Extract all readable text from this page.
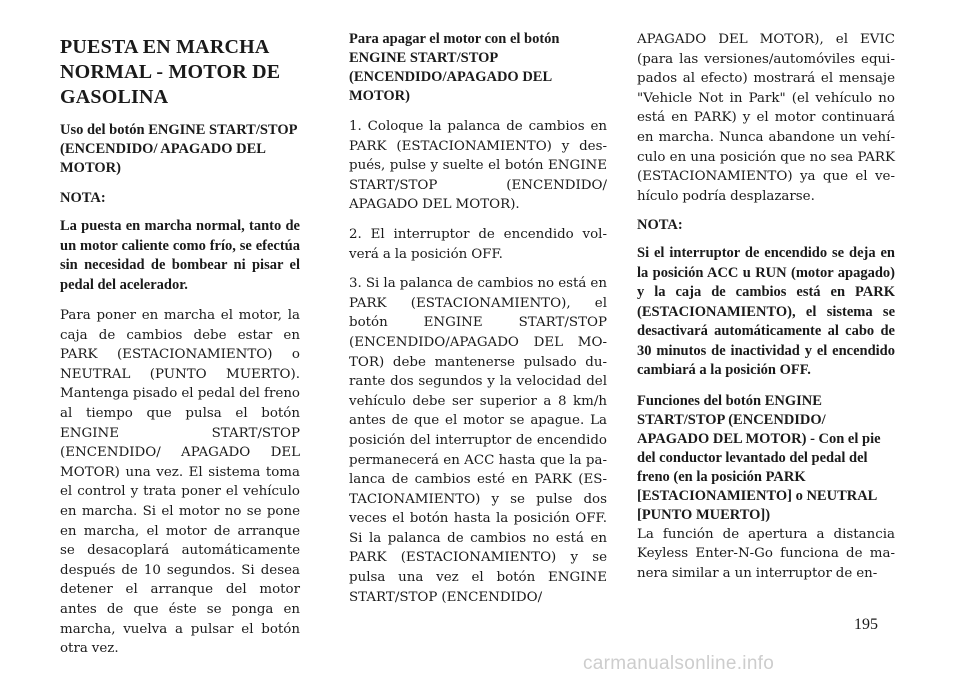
PUESTA EN MARCHA NORMAL - MOTOR DE GASOLINA
Uso del botón ENGINE START/STOP (ENCENDIDO/ APAGADO DEL MOTOR)
NOTA:
La puesta en marcha normal, tanto de un motor caliente como frío, se efectúa sin necesidad de bombear ni pisar el pedal del acelerador.
Para poner en marcha el motor, la caja de cambios debe estar en PARK (ESTACIONAMIENTO) o NEUTRAL (PUNTO MUERTO). Mantenga pisado el pedal del freno al tiempo que pulsa el botón ENGINE START/STOP (ENCENDIDO/ APAGADO DEL MOTOR) una vez. El sistema toma el control y trata poner el vehículo en marcha. Si el motor no se pone en marcha, el motor de arranque se desacoplará automáticamente después de 10 segundos. Si desea detener el arranque del motor antes de que éste se ponga en marcha, vuelva a pulsar el botón otra vez.
Para apagar el motor con el botón ENGINE START/STOP (ENCENDIDO/APAGADO DEL MOTOR)
1. Coloque la palanca de cambios en PARK (ESTACIONAMIENTO) y después, pulse y suelte el botón ENGINE START/STOP (ENCENDIDO/ APAGADO DEL MOTOR).
2. El interruptor de encendido volverá a la posición OFF.
3. Si la palanca de cambios no está en PARK (ESTACIONAMIENTO), el botón ENGINE START/STOP (ENCENDIDO/APAGADO DEL MOTOR) debe mantenerse pulsado durante dos segundos y la velocidad del vehículo debe ser superior a 8 km/h antes de que el motor se apague. La posición del interruptor de encendido permanecerá en ACC hasta que la palanca de cambios esté en PARK (ESTACIONAMIENTO) y se pulse dos veces el botón hasta la posición OFF. Si la palanca de cambios no está en PARK (ESTACIONAMIENTO) y se pulsa una vez el botón ENGINE START/STOP (ENCENDIDO/
APAGADO DEL MOTOR), el EVIC (para las versiones/automóviles equipados al efecto) mostrará el mensaje "Vehicle Not in Park" (el vehículo no está en PARK) y el motor continuará en marcha. Nunca abandone un vehículo en una posición que no sea PARK (ESTACIONAMIENTO) ya que el vehículo podría desplazarse.
NOTA:
Si el interruptor de encendido se deja en la posición ACC u RUN (motor apagado) y la caja de cambios está en PARK (ESTACIONAMIENTO), el sistema se desactivará automáticamente al cabo de 30 minutos de inactividad y el encendido cambiará a la posición OFF.
Funciones del botón ENGINE START/STOP (ENCENDIDO/ APAGADO DEL MOTOR) - Con el pie del conductor levantado del pedal del freno (en la posición PARK [ESTACIONAMIENTO] o NEUTRAL [PUNTO MUERTO])
La función de apertura a distancia Keyless Enter-N-Go funciona de manera similar a un interruptor de en-
195
carmanualsonline.info
